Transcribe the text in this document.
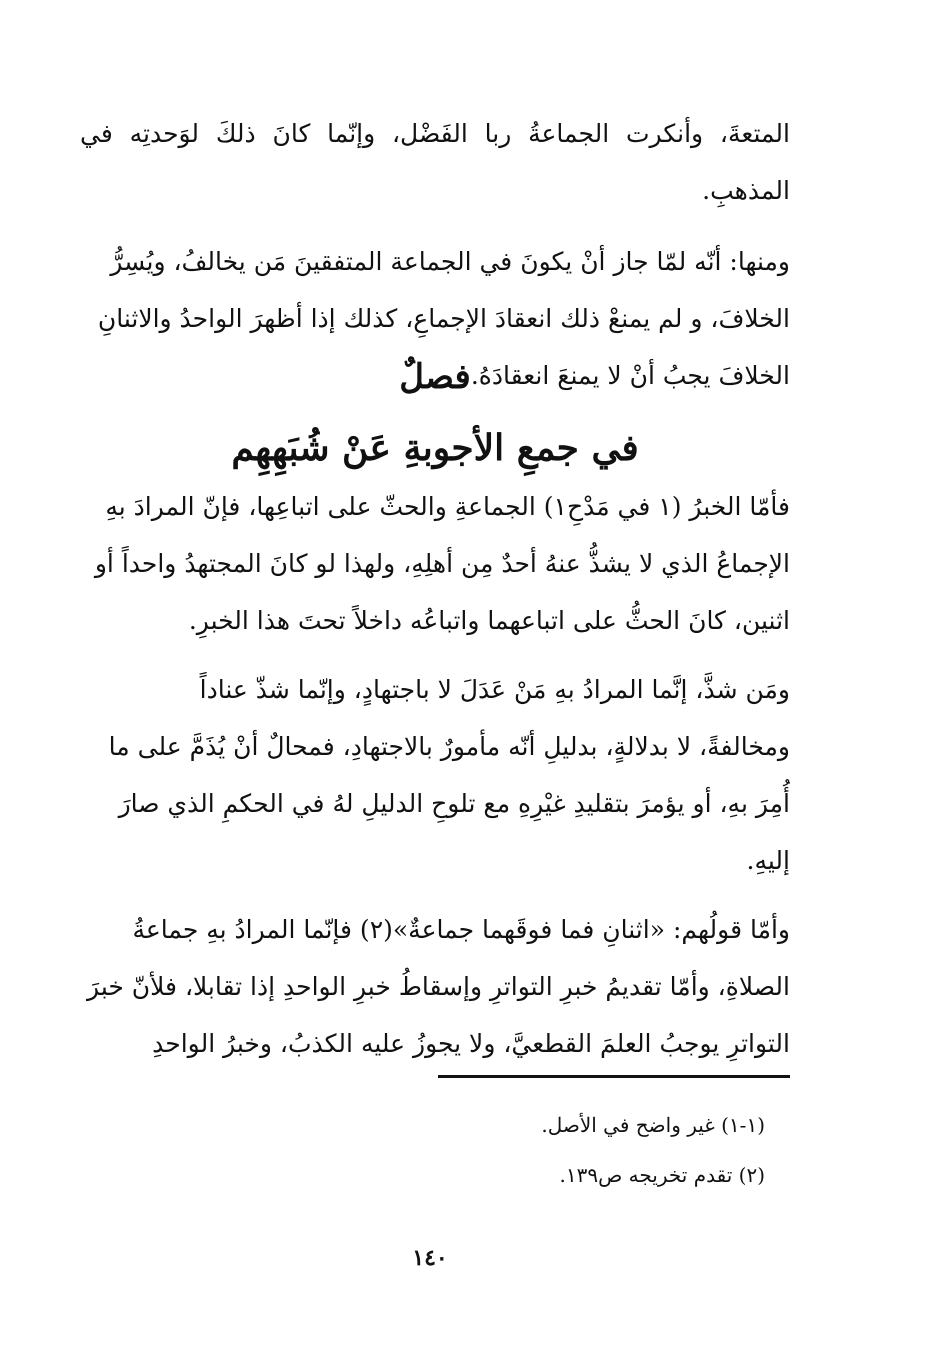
المتعةَ، وأنكرت الجماعةُ ربا الفَضْل، وإنّما كانَ ذلكَ لوَحدتِه في المذهبِ.

ومنها: أنّه لمّا جاز أنْ يكونَ في الجماعة المتفقينَ مَن يخالفُ، ويُسِرُّ
الخلافَ، و لم يمنعْ ذلك انعقادَ الإجماعِ، كذلك إذا أظهرَ الواحدُ والاثنانِ
الخلافَ يجبُ أنْ لا يمنعَ انعقادَهُ.

فصلٌ
في جمعِ الأجوبةِ عَنْ شُبَهِهِم

فأمّا الخبرُ (١ في مَدْحِ١) الجماعةِ والحثّ على اتباعِها، فإنّ المرادَ بهِ
الإجماعُ الذي لا يشذُّ عنهُ أحدٌ مِن أهلِهِ، ولهذا لو كانَ المجتهدُ واحداً أو
اثنين، كانَ الحثُّ على اتباعهما واتباعُه داخلاً تحتَ هذا الخبرِ.

ومَن شذَّ، إنَّما المرادُ بهِ مَنْ عَدَلَ لا باجتهادٍ، وإنّما شذّ عناداً
ومخالفةً، لا بدلالةٍ، بدليلِ أنّه مأمورٌ بالاجتهادِ، فمحالٌ أنْ يُذَمَّ على ما
أُمِرَ بهِ، أو يؤمرَ بتقليدِ غيْرِهِ مع تلوحِ الدليلِ لهُ في الحكمِ الذي صارَ
إليهِ.

وأمّا قولُهم: «اثنانِ فما فوقَهما جماعةٌ»(٢) فإنّما المرادُ بهِ جماعةُ
الصلاةِ، وأمّا تقديمُ خبرِ التواترِ وإسقاطُ خبرِ الواحدِ إذا تقابلا، فلأنّ خبرَ
التواترِ يوجبُ العلمَ القطعيَّ، ولا يجوزُ عليه الكذبُ، وخبرُ الواحدِ

(١-١) غير واضح في الأصل.

(٢) تقدم تخريجه ص١٣٩.

١٤٠
